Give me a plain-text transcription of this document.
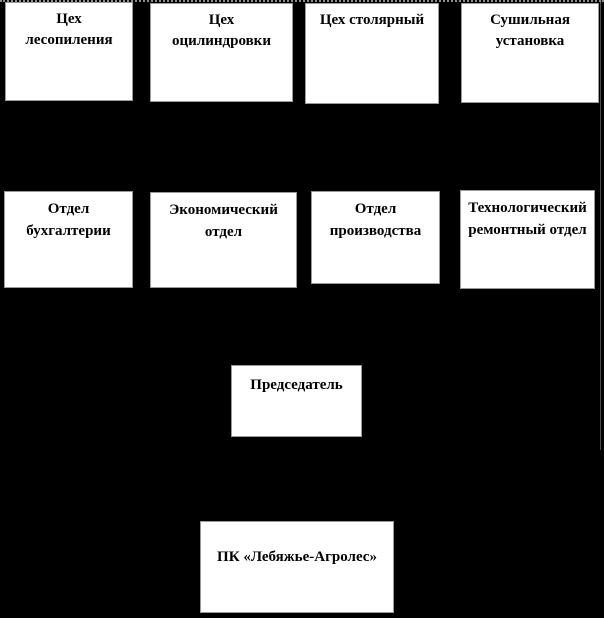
Цех
лесопиления
Цех
оцилиндровки
Цех столярный	Сушильная
установка
Отдел
бухгалтерии
Экономический
отдел
Отдел
производства
Технологический
ремонтный отдел
Председатель
ПК «Лебяжье-Агролес»
